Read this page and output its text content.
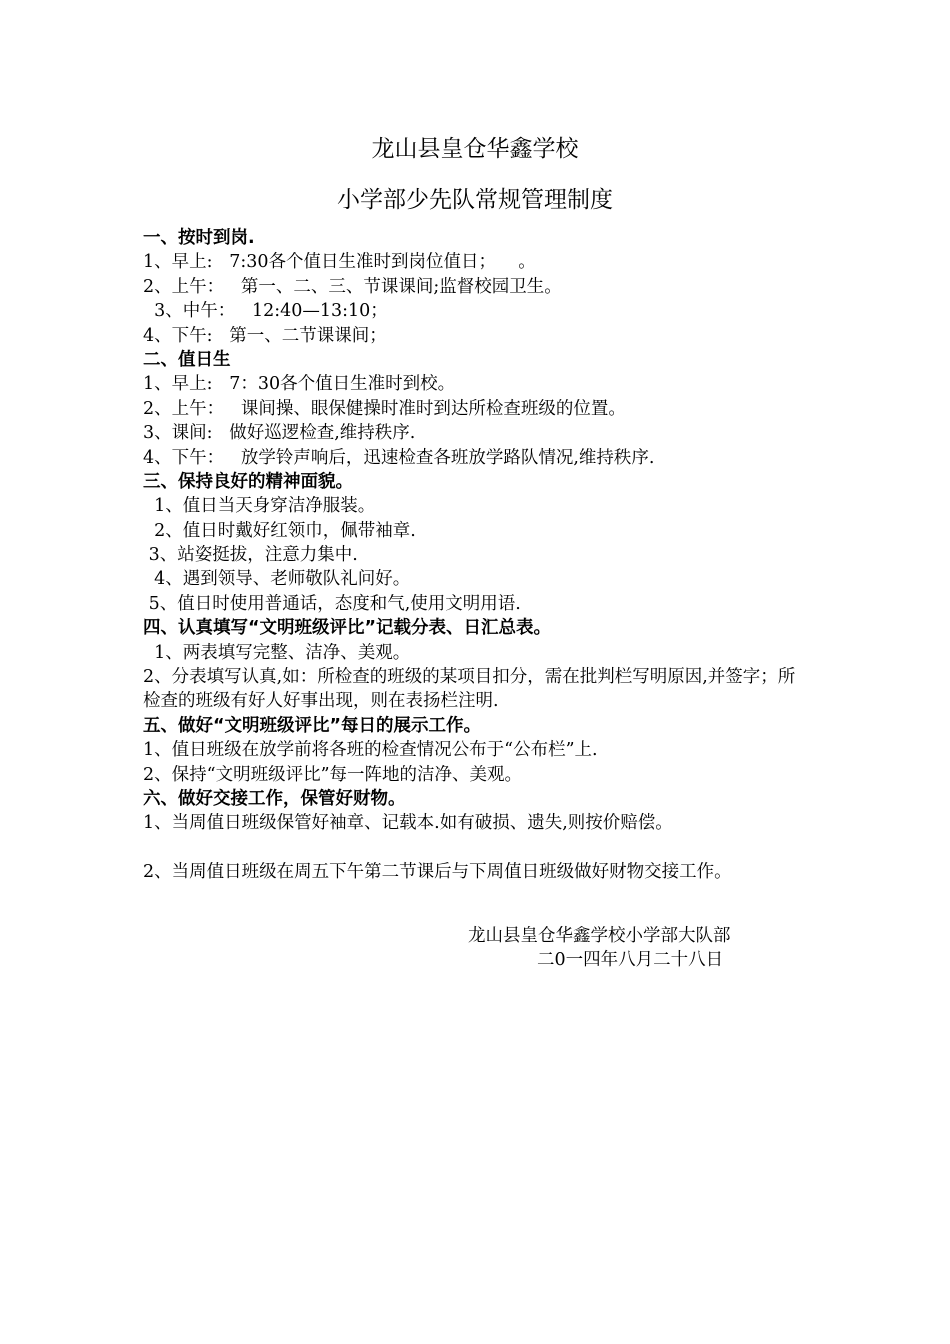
龙山县皇仓华鑫学校
小学部少先队常规管理制度
一、按时到岗.
1、早上:   7:30各个值日生准时到岗位值日；    。
2、上午：   第一、二、三、节课课间;监督校园卫生。
3、中午：   12:40—13:10；
4、下午:   第一、二节课课间；
二、值日生
1、早上:   7：30各个值日生准时到校。
2、上午：   课间操、眼保健操时准时到达所检查班级的位置。
3、课间:   做好巡逻检查,维持秩序.
4、下午：   放学铃声响后，迅速检查各班放学路队情况,维持秩序.
三、保持良好的精神面貌。
1、值日当天身穿洁净服装。
2、值日时戴好红领巾，佩带袖章.
3、站姿挺拔，注意力集中.
4、遇到领导、老师敬队礼问好。
5、值日时使用普通话，态度和气,使用文明用语.
四、认真填写“文明班级评比”记载分表、日汇总表。
1、两表填写完整、洁净、美观。
2、分表填写认真,如：所检查的班级的某项目扣分，需在批判栏写明原因,并签字；所检查的班级有好人好事出现，则在表扬栏注明.
五、做好“文明班级评比”每日的展示工作。
1、值日班级在放学前将各班的检查情况公布于“公布栏”上.
2、保持“文明班级评比”每一阵地的洁净、美观。
六、做好交接工作，保管好财物。
1、当周值日班级保管好袖章、记载本.如有破损、遗失,则按价赔偿。
2、当周值日班级在周五下午第二节课后与下周值日班级做好财物交接工作。
龙山县皇仓华鑫学校小学部大队部
二0一四年八月二十八日
